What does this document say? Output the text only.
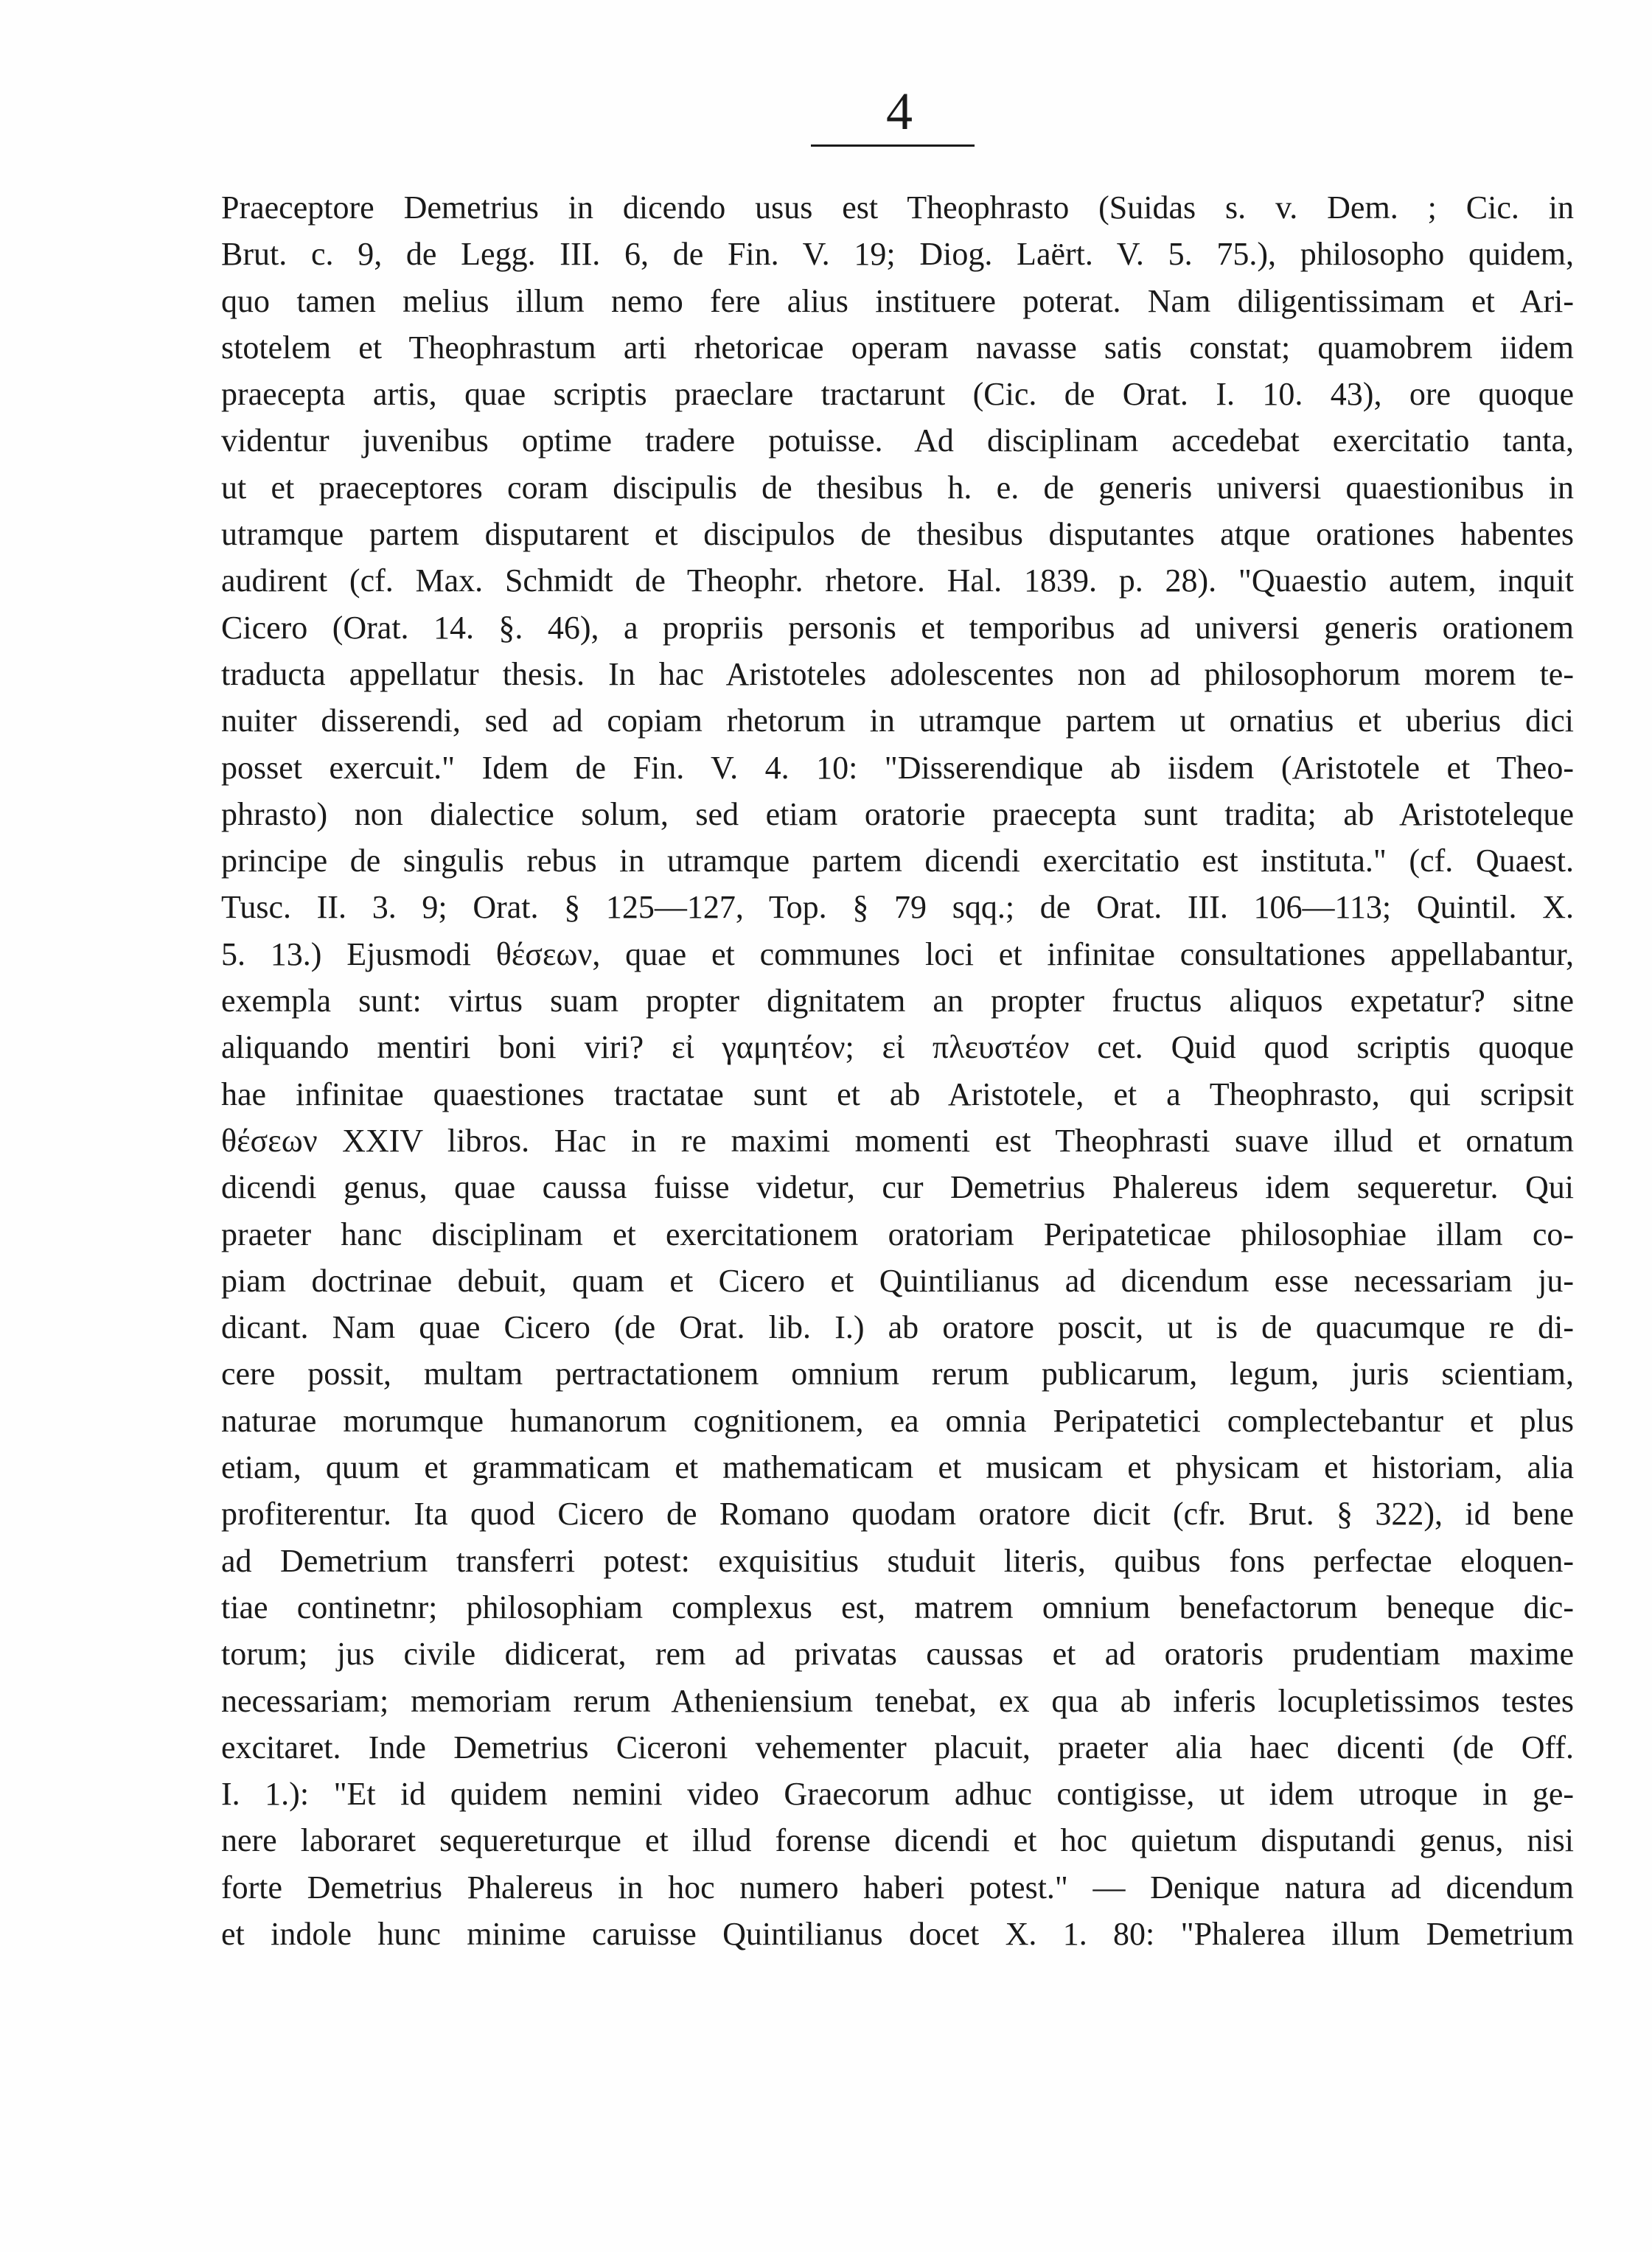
4
Praeceptore Demetrius in dicendo usus est Theophrasto (Suidas s. v. Dem. ; Cic. in
Brut. c. 9, de Legg. III. 6, de Fin. V. 19; Diog. Laërt. V. 5. 75.), philosopho quidem,
quo tamen melius illum nemo fere alius instituere poterat. Nam diligentissimam et Ari-
stotelem et Theophrastum arti rhetoricae operam navasse satis constat; quamobrem iidem
praecepta artis, quae scriptis praeclare tractarunt (Cic. de Orat. I. 10. 43), ore quoque
videntur juvenibus optime tradere potuisse. Ad disciplinam accedebat exercitatio tanta,
ut et praeceptores coram discipulis de thesibus h. e. de generis universi quaestionibus in
utramque partem disputarent et discipulos de thesibus disputantes atque orationes habentes
audirent (cf. Max. Schmidt de Theophr. rhetore. Hal. 1839. p. 28). "Quaestio autem, inquit
Cicero (Orat. 14. §. 46), a propriis personis et temporibus ad universi generis orationem
traducta appellatur thesis. In hac Aristoteles adolescentes non ad philosophorum morem te-
nuiter disserendi, sed ad copiam rhetorum in utramque partem ut ornatius et uberius dici
posset exercuit." Idem de Fin. V. 4. 10: "Disserendique ab iisdem (Aristotele et Theo-
phrasto) non dialectice solum, sed etiam oratorie praecepta sunt tradita; ab Aristoteleque
principe de singulis rebus in utramque partem dicendi exercitatio est instituta." (cf. Quaest.
Tusc. II. 3. 9; Orat. § 125—127, Top. § 79 sqq.; de Orat. III. 106—113; Quintil. X.
5. 13.) Ejusmodi θέσεων, quae et communes loci et infinitae consultationes appellabantur,
exempla sunt: virtus suam propter dignitatem an propter fructus aliquos expetatur? sitne
aliquando mentiri boni viri? εἰ γαμητέον; εἰ πλευστέον cet. Quid quod scriptis quoque
hae infinitae quaestiones tractatae sunt et ab Aristotele, et a Theophrasto, qui scripsit
θέσεων XXIV libros. Hac in re maximi momenti est Theophrasti suave illud et ornatum
dicendi genus, quae caussa fuisse videtur, cur Demetrius Phalereus idem sequeretur. Qui
praeter hanc disciplinam et exercitationem oratoriam Peripateticae philosophiae illam co-
piam doctrinae debuit, quam et Cicero et Quintilianus ad dicendum esse necessariam ju-
dicant. Nam quae Cicero (de Orat. lib. I.) ab oratore poscit, ut is de quacumque re di-
cere possit, multam pertractationem omnium rerum publicarum, legum, juris scientiam,
naturae morumque humanorum cognitionem, ea omnia Peripatetici complectebantur et plus
etiam, quum et grammaticam et mathematicam et musicam et physicam et historiam, alia
profiterentur. Ita quod Cicero de Romano quodam oratore dicit (cfr. Brut. § 322), id bene
ad Demetrium transferri potest: exquisitius studuit literis, quibus fons perfectae eloquen-
tiae continetnr; philosophiam complexus est, matrem omnium benefactorum beneque dic-
torum; jus civile didicerat, rem ad privatas caussas et ad oratoris prudentiam maxime
necessariam; memoriam rerum Atheniensium tenebat, ex qua ab inferis locupletissimos testes
excitaret. Inde Demetrius Ciceroni vehementer placuit, praeter alia haec dicenti (de Off.
I. 1.): "Et id quidem nemini video Graecorum adhuc contigisse, ut idem utroque in ge-
nere laboraret sequereturque et illud forense dicendi et hoc quietum disputandi genus, nisi
forte Demetrius Phalereus in hoc numero haberi potest." — Denique natura ad dicendum
et indole hunc minime caruisse Quintilianus docet X. 1. 80: "Phalerea illum Demetrium
